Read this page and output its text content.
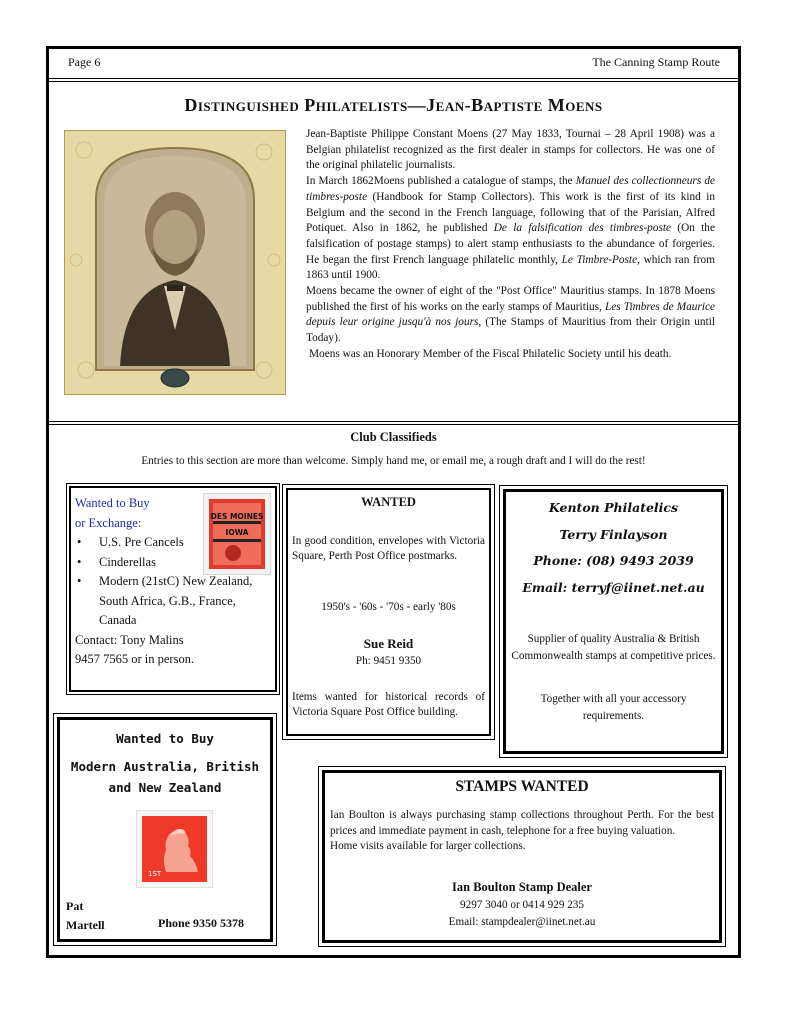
Page 6	The Canning Stamp Route
Distinguished Philatelists—Jean-Baptiste Moens

Jean-Baptiste Philippe Constant Moens (27 May 1833, Tournai – 28 April 1908) was a Belgian philatelist recognized as the first dealer in stamps for collectors. He was one of the original philatelic journalists.

In March 1862Moens published a catalogue of stamps, the Manuel des collectionneurs de timbres-poste (Handbook for Stamp Collectors). This work is the first of its kind in Belgium and the second in the French language, following that of the Parisian, Alfred Potiquet. Also in 1862, he published De la falsification des timbres-poste (On the falsification of postage stamps) to alert stamp enthusiasts to the abundance of forgeries. He began the first French language philatelic monthly, Le Timbre-Poste, which ran from 1863 until 1900.

Moens became the owner of eight of the "Post Office" Mauritius stamps. In 1878 Moens published the first of his works on the early stamps of Mauritius, Les Timbres de Maurice depuis leur origine jusqu'à nos jours, (The Stamps of Mauritius from their Origin until Today).

Moens was an Honorary Member of the Fiscal Philatelic Society until his death.

Club Classifieds
Entries to this section are more than welcome. Simply hand me, or email me, a rough draft and I will do the rest!
DES MOINES
IOWA
Wanted to Buy
or Exchange:
• U.S. Pre Cancels
• Cinderellas
• Modern (21stC) New Zealand, South Africa, G.B., France, Canada
Contact: Tony Malins
9457 7565 or in person.
WANTED
In good condition, envelopes with Victoria Square, Perth Post Office postmarks.
1950's - '60s - '70s - early '80s
Sue Reid
Ph: 9451 9350
Items wanted for historical records of Victoria Square Post Office building.
Kenton Philatelics
Terry Finlayson
Phone: (08) 9493 2039
Email: terryf@iinet.net.au
Supplier of quality Australia & British Commonwealth stamps at competitive prices.
Together with all your accessory requirements.
Wanted to Buy
Modern Australia, British
and New Zealand
1ST
Pat
Martell	Phone 9350 5378
STAMPS WANTED
Ian Boulton is always purchasing stamp collections throughout Perth. For the best prices and immediate payment in cash, telephone for a free buying valuation.
Home visits available for larger collections.
Ian Boulton Stamp Dealer
9297 3040 or 0414 929 235
Email: stampdealer@iinet.net.au
